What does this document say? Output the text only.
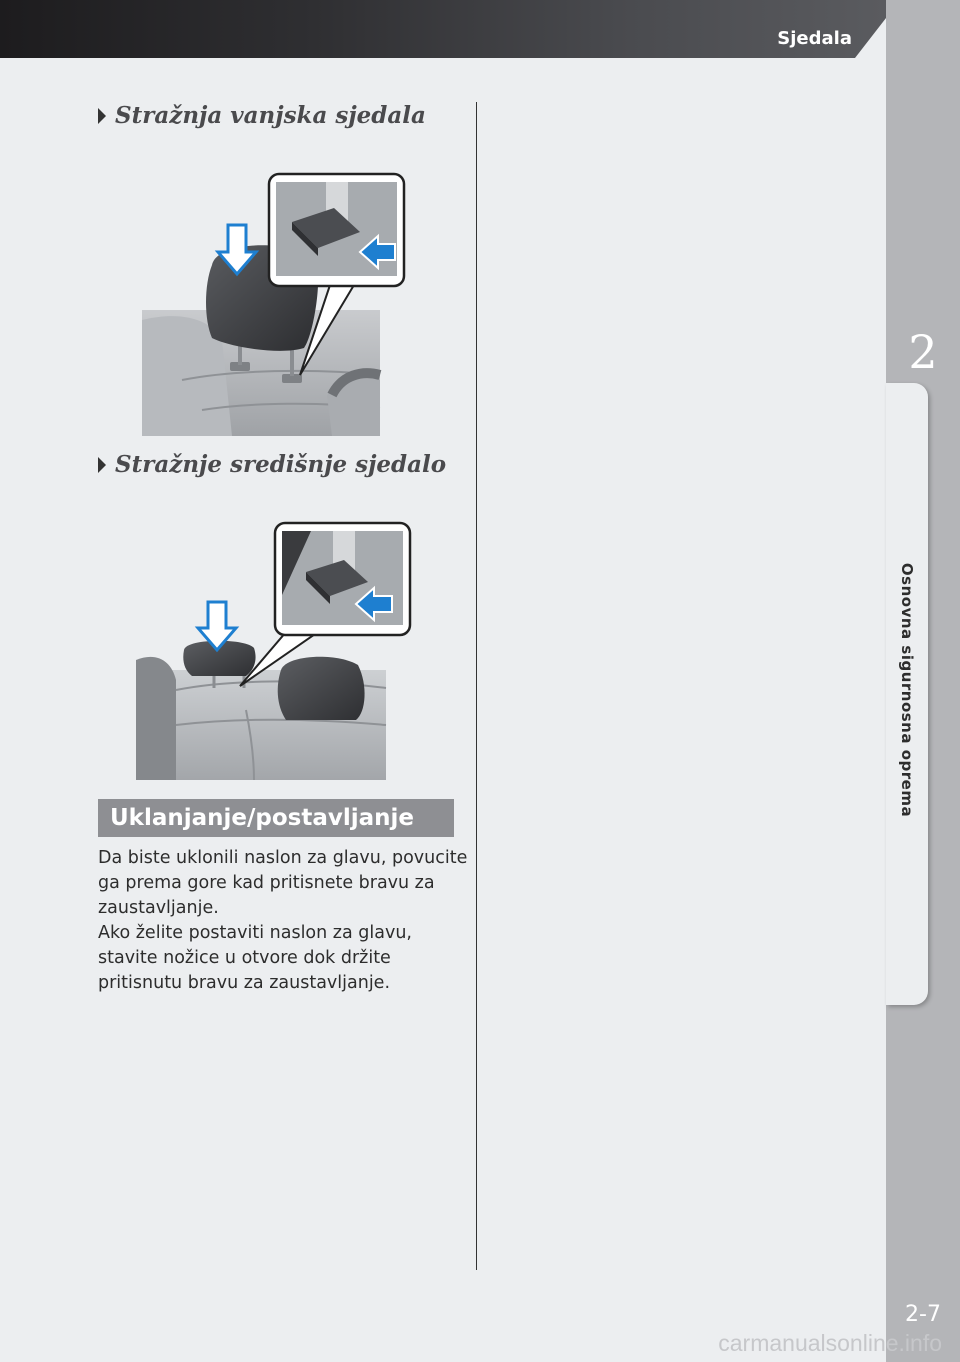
Sjedala
2
Osnovna sigurnosna oprema
2-7
carmanualsonline.info
Stražnja vanjska sjedala
Stražnje središnje sjedalo
Uklanjanje/postavljanje

Da biste uklonili naslon za glavu, povucite ga prema gore kad pritisnete bravu za zaustavljanje.

Ako želite postaviti naslon za glavu, stavite nožice u otvore dok držite pritisnutu bravu za zaustavljanje.
